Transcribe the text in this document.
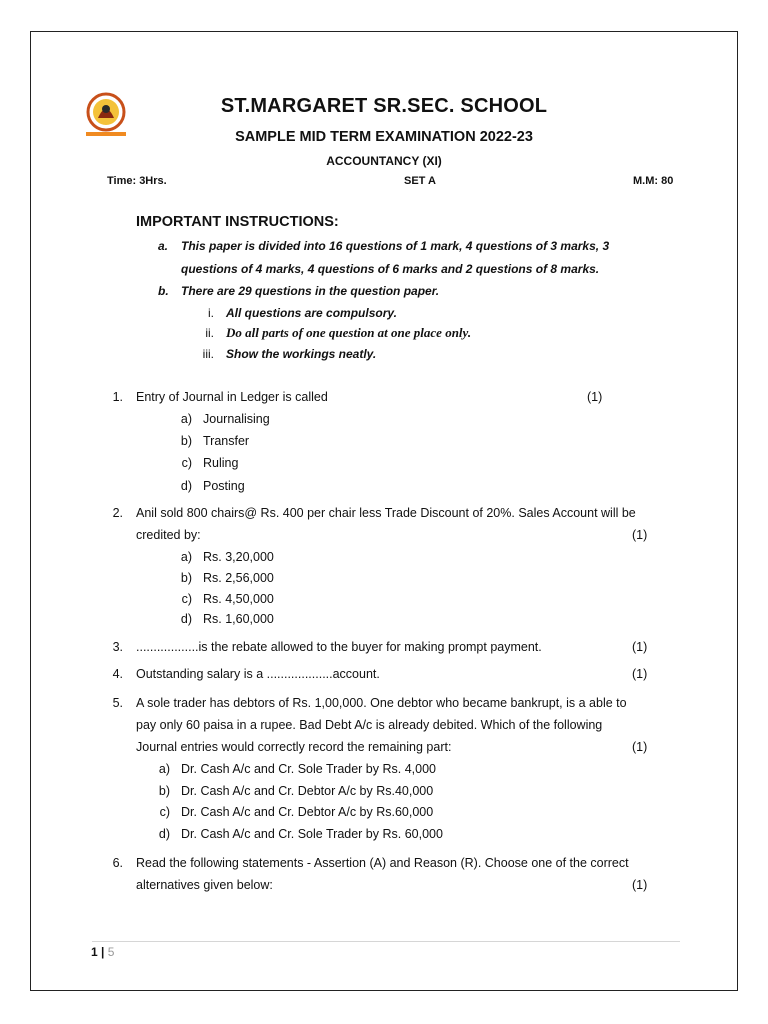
ST.MARGARET SR.SEC. SCHOOL
SAMPLE MID TERM EXAMINATION 2022-23
ACCOUNTANCY (XI)
Time: 3Hrs.	SET A	M.M: 80
IMPORTANT INSTRUCTIONS:
a. This paper is divided into 16 questions of 1 mark, 4 questions of 3 marks, 3
questions of 4 marks, 4 questions of 6 marks and 2 questions of 8 marks.
b. There are 29 questions in the question paper.
i. All questions are compulsory.
ii. Do all parts of one question at one place only.
iii. Show the workings neatly.
1. Entry of Journal in Ledger is called	(1)
a) Journalising
b) Transfer
c) Ruling
d) Posting
2. Anil sold 800 chairs@ Rs. 400 per chair less Trade Discount of 20%. Sales Account will be
credited by:	(1)
a) Rs. 3,20,000
b) Rs. 2,56,000
c) Rs. 4,50,000
d) Rs. 1,60,000
3. ..................is the rebate allowed to the buyer for making prompt payment.	(1)
4. Outstanding salary is a ...................account.	(1)
5. A sole trader has debtors of Rs. 1,00,000. One debtor who became bankrupt, is a able to
pay only 60 paisa in a rupee. Bad Debt A/c is already debited. Which of the following
Journal entries would correctly record the remaining part:	(1)
a) Dr. Cash A/c and Cr. Sole Trader by Rs. 4,000
b) Dr. Cash A/c and Cr. Debtor A/c by Rs.40,000
c) Dr. Cash A/c and Cr. Debtor A/c by Rs.60,000
d) Dr. Cash A/c and Cr. Sole Trader by Rs. 60,000
6. Read the following statements - Assertion (A) and Reason (R). Choose one of the correct
alternatives given below:	(1)
1 | 5
